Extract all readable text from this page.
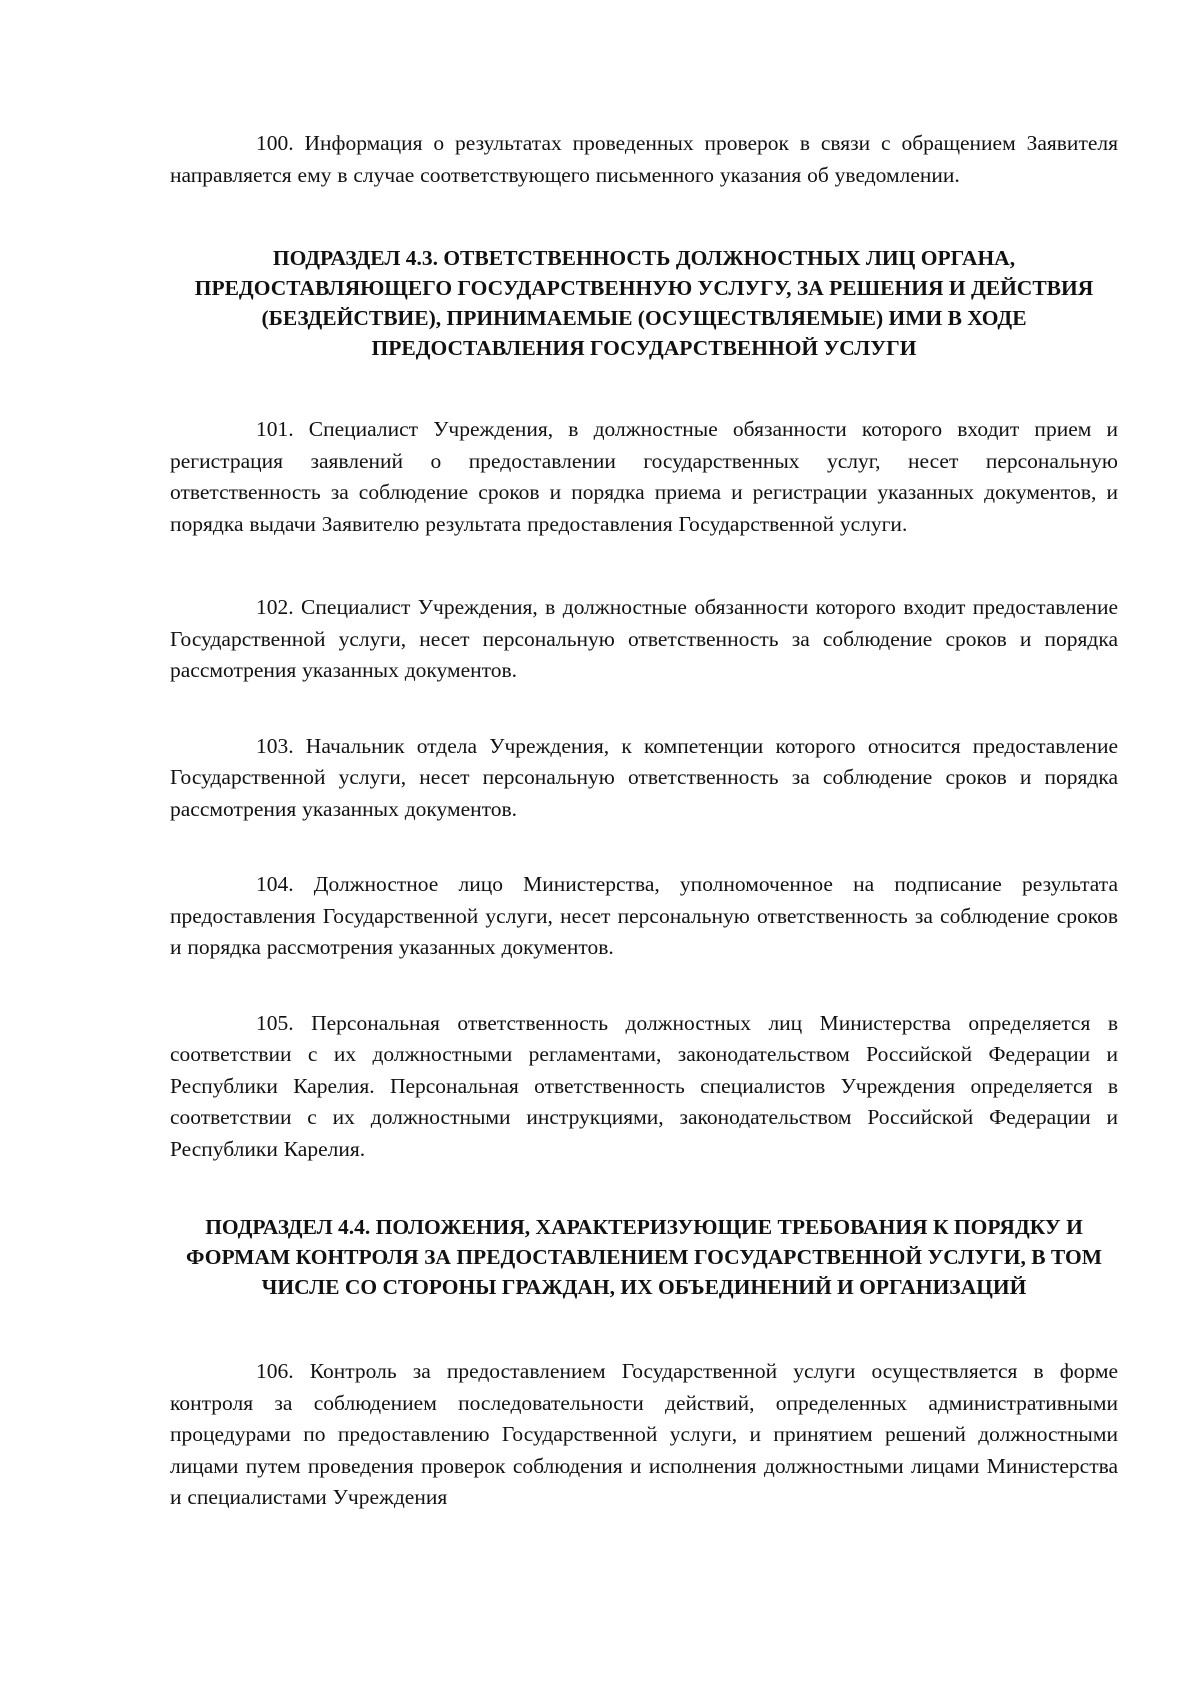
100. Информация о результатах проведенных проверок в связи с обращением Заявителя направляется ему в случае соответствующего письменного указания об уведомлении.

ПОДРАЗДЕЛ 4.3. ОТВЕТСТВЕННОСТЬ ДОЛЖНОСТНЫХ ЛИЦ ОРГАНА, ПРЕДОСТАВЛЯЮЩЕГО ГОСУДАРСТВЕННУЮ УСЛУГУ, ЗА РЕШЕНИЯ И ДЕЙСТВИЯ (БЕЗДЕЙСТВИЕ), ПРИНИМАЕМЫЕ (ОСУЩЕСТВЛЯЕМЫЕ) ИМИ В ХОДЕ ПРЕДОСТАВЛЕНИЯ ГОСУДАРСТВЕННОЙ УСЛУГИ

101. Специалист Учреждения, в должностные обязанности которого входит прием и регистрация заявлений о предоставлении государственных услуг, несет персональную ответственность за соблюдение сроков и порядка приема и регистрации указанных документов, и порядка выдачи Заявителю результата предоставления Государственной услуги.

102. Специалист Учреждения, в должностные обязанности которого входит предоставление Государственной услуги, несет персональную ответственность за соблюдение сроков и порядка рассмотрения указанных документов.

103. Начальник отдела Учреждения, к компетенции которого относится предоставление Государственной услуги, несет персональную ответственность за соблюдение сроков и порядка рассмотрения указанных документов.

104. Должностное лицо Министерства, уполномоченное на подписание результата предоставления Государственной услуги, несет персональную ответственность за соблюдение сроков и порядка рассмотрения указанных документов.

105. Персональная ответственность должностных лиц Министерства определяется в соответствии с их должностными регламентами, законодательством Российской Федерации и Республики Карелия. Персональная ответственность специалистов Учреждения определяется в соответствии с их должностными инструкциями, законодательством Российской Федерации и Республики Карелия.

ПОДРАЗДЕЛ 4.4. ПОЛОЖЕНИЯ, ХАРАКТЕРИЗУЮЩИЕ ТРЕБОВАНИЯ К ПОРЯДКУ И ФОРМАМ КОНТРОЛЯ ЗА ПРЕДОСТАВЛЕНИЕМ ГОСУДАРСТВЕННОЙ УСЛУГИ, В ТОМ ЧИСЛЕ СО СТОРОНЫ ГРАЖДАН, ИХ ОБЪЕДИНЕНИЙ И ОРГАНИЗАЦИЙ

106. Контроль за предоставлением Государственной услуги осуществляется в форме контроля за соблюдением последовательности действий, определенных административными процедурами по предоставлению Государственной услуги, и принятием решений должностными лицами путем проведения проверок соблюдения и исполнения должностными лицами Министерства и специалистами Учреждения
